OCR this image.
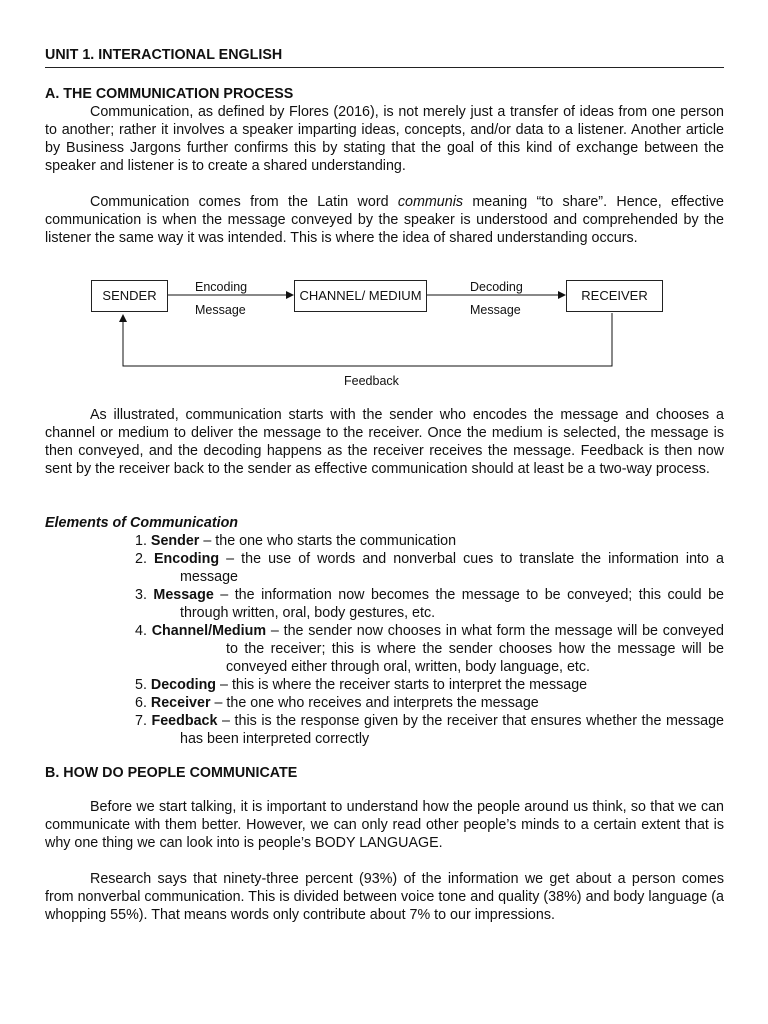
UNIT 1. INTERACTIONAL ENGLISH
A. THE COMMUNICATION PROCESS

Communication, as defined by Flores (2016), is not merely just a transfer of ideas from one person to another; rather it involves a speaker imparting ideas, concepts, and/or data to a listener. Another article by Business Jargons further confirms this by stating that the goal of this kind of exchange between the speaker and listener is to create a shared understanding.

Communication comes from the Latin word communis meaning “to share”. Hence, effective communication is when the message conveyed by the speaker is understood and comprehended by the listener the same way it was intended. This is where the idea of shared understanding occurs.

SENDER	CHANNEL/ MEDIUM	RECEIVER
Encoding
Message
Decoding
Message
Feedback

As illustrated, communication starts with the sender who encodes the message and chooses a channel or medium to deliver the message to the receiver. Once the medium is selected, the message is then conveyed, and the decoding happens as the receiver receives the message. Feedback is then now sent by the receiver back to the sender as effective communication should at least be a two-way process.

Elements of Communication
1. Sender – the one who starts the communication
2. Encoding – the use of words and nonverbal cues to translate the information into a message
3. Message – the information now becomes the message to be conveyed; this could be through written, oral, body gestures, etc.
4. Channel/Medium – the sender now chooses in what form the message will be conveyed to the receiver; this is where the sender chooses how the message will be conveyed either through oral, written, body language, etc.
5. Decoding – this is where the receiver starts to interpret the message
6. Receiver – the one who receives and interprets the message
7. Feedback – this is the response given by the receiver that ensures whether the message has been interpreted correctly
B. HOW DO PEOPLE COMMUNICATE

Before we start talking, it is important to understand how the people around us think, so that we can communicate with them better. However, we can only read other people’s minds to a certain extent that is why one thing we can look into is people’s BODY LANGUAGE.

Research says that ninety-three percent (93%) of the information we get about a person comes from nonverbal communication. This is divided between voice tone and quality (38%) and body language (a whopping 55%). That means words only contribute about 7% to our impressions.
